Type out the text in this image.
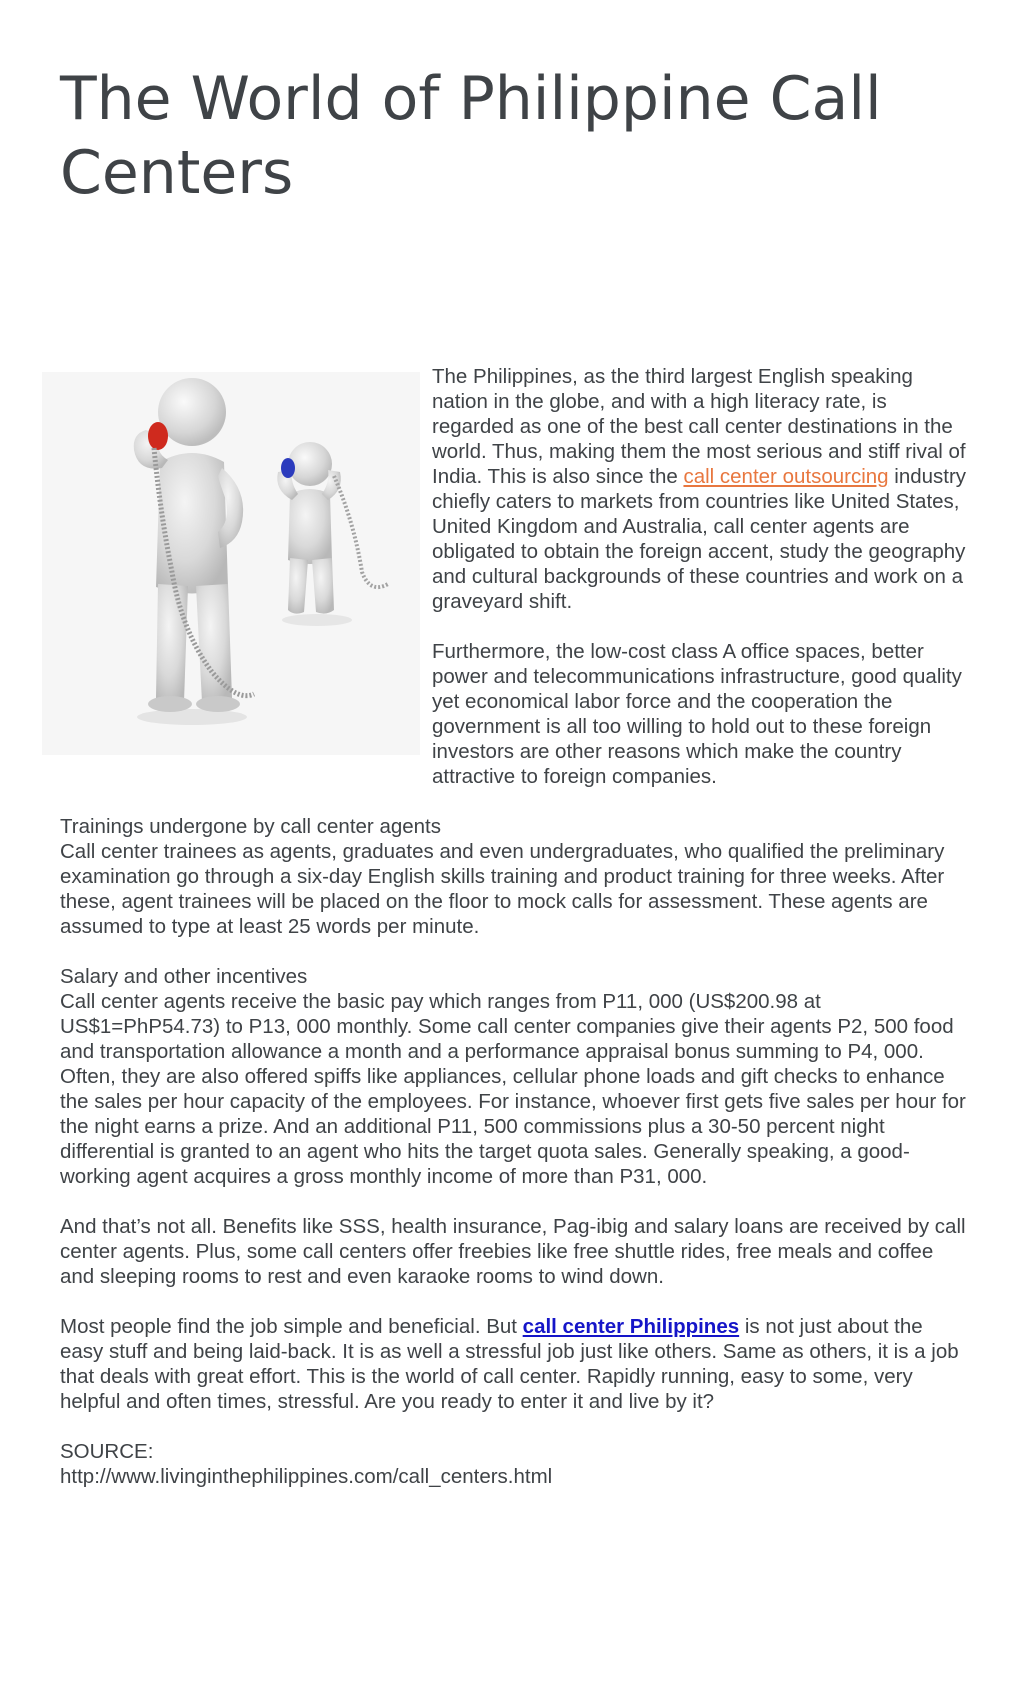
The World of Philippine Call Centers

The Philippines, as the third largest English speaking nation in the globe, and with a high literacy rate, is regarded as one of the best call center destinations in the world. Thus, making them the most serious and stiff rival of India. This is also since the call center outsourcing industry chiefly caters to markets from countries like United States, United Kingdom and Australia, call center agents are obligated to obtain the foreign accent, study the geography and cultural backgrounds of these countries and work on a graveyard shift.

Furthermore, the low-cost class A office spaces, better power and telecommunications infrastructure, good quality yet economical labor force and the cooperation the government is all too willing to hold out to these foreign investors are other reasons which make the country attractive to foreign companies.

Trainings undergone by call center agents
Call center trainees as agents, graduates and even undergraduates, who qualified the preliminary examination go through a six-day English skills training and product training for three weeks. After these, agent trainees will be placed on the floor to mock calls for assessment. These agents are assumed to type at least 25 words per minute.

Salary and other incentives
Call center agents receive the basic pay which ranges from P11, 000 (US$200.98 at US$1=PhP54.73) to P13, 000 monthly. Some call center companies give their agents P2, 500 food and transportation allowance a month and a performance appraisal bonus summing to P4, 000. Often, they are also offered spiffs like appliances, cellular phone loads and gift checks to enhance the sales per hour capacity of the employees. For instance, whoever first gets five sales per hour for the night earns a prize. And an additional P11, 500 commissions plus a 30-50 percent night differential is granted to an agent who hits the target quota sales. Generally speaking, a good-working agent acquires a gross monthly income of more than P31, 000.

And that’s not all. Benefits like SSS, health insurance, Pag-ibig and salary loans are received by call center agents. Plus, some call centers offer freebies like free shuttle rides, free meals and coffee and sleeping rooms to rest and even karaoke rooms to wind down.

Most people find the job simple and beneficial. But call center Philippines is not just about the easy stuff and being laid-back. It is as well a stressful job just like others. Same as others, it is a job that deals with great effort. This is the world of call center. Rapidly running, easy to some, very helpful and often times, stressful. Are you ready to enter it and live by it?

SOURCE:
http://www.livinginthephilippines.com/call_centers.html
